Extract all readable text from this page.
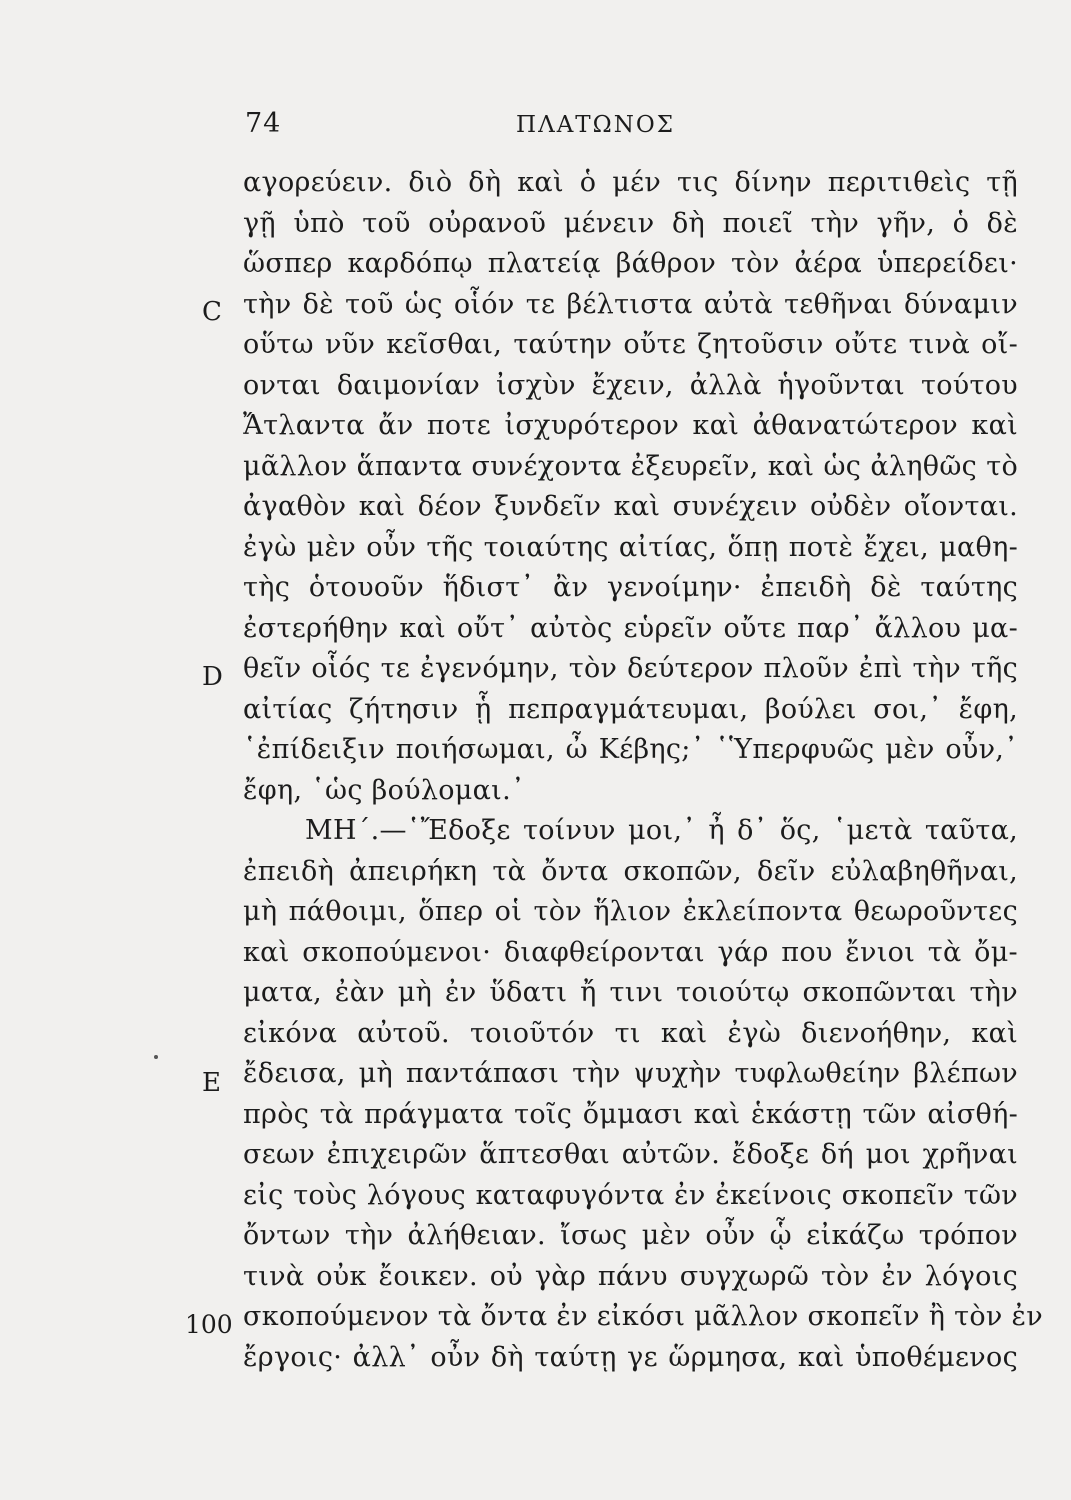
74	ΠΛΑΤΩΝΟΣ
C
D
E
100
αγορεύειν. διὸ δὴ καὶ ὁ μέν τις δίνην περιτιθεὶς τῇ
γῇ ὑπὸ τοῦ οὐρανοῦ μένειν δὴ ποιεῖ τὴν γῆν, ὁ δὲ
ὥσπερ καρδόπῳ πλατείᾳ βάθρον τὸν ἀέρα ὑπερείδει·
τὴν δὲ τοῦ ὡς οἷόν τε βέλτιστα αὐτὰ τεθῆναι δύναμιν
οὕτω νῦν κεῖσθαι, ταύτην οὔτε ζητοῦσιν οὔτε τινὰ οἴ-
ονται δαιμονίαν ἰσχὺν ἔχειν, ἀλλὰ ἡγοῦνται τούτου
Ἄτλαντα ἄν ποτε ἰσχυρότερον καὶ ἀθανατώτερον καὶ
μᾶλλον ἅπαντα συνέχοντα ἐξευρεῖν, καὶ ὡς ἀληθῶς τὸ
ἀγαθὸν καὶ δέον ξυνδεῖν καὶ συνέχειν οὐδὲν οἴονται.
ἐγὼ μὲν οὖν τῆς τοιαύτης αἰτίας, ὅπῃ ποτὲ ἔχει, μαθη-
τὴς ὁτουοῦν ἥδιστ᾽ ἂν γενοίμην· ἐπειδὴ δὲ ταύτης
ἐστερήθην καὶ οὔτ᾽ αὐτὸς εὑρεῖν οὔτε παρ᾽ ἄλλου μα-
θεῖν οἷός τε ἐγενόμην, τὸν δεύτερον πλοῦν ἐπὶ τὴν τῆς
αἰτίας ζήτησιν ᾗ πεπραγμάτευμαι, βούλει σοι,᾽ ἔφη,
῾ἐπίδειξιν ποιήσωμαι, ὦ Κέβης;᾽ ῾Ὑπερφυῶς μὲν οὖν,᾽
ἔφη, ῾ὡς βούλομαι.᾽
ΜΗ΄.—῾Ἔδοξε τοίνυν μοι,᾽ ἦ δ᾽ ὅς, ῾μετὰ ταῦτα,
ἐπειδὴ ἀπειρήκη τὰ ὄντα σκοπῶν, δεῖν εὐλαβηθῆναι,
μὴ πάθοιμι, ὅπερ οἱ τὸν ἥλιον ἐκλείποντα θεωροῦντες
καὶ σκοπούμενοι· διαφθείρονται γάρ που ἔνιοι τὰ ὄμ-
ματα, ἐὰν μὴ ἐν ὕδατι ἤ τινι τοιούτῳ σκοπῶνται τὴν
εἰκόνα αὐτοῦ. τοιοῦτόν τι καὶ ἐγὼ διενοήθην, καὶ
ἔδεισα, μὴ παντάπασι τὴν ψυχὴν τυφλωθείην βλέπων
πρὸς τὰ πράγματα τοῖς ὄμμασι καὶ ἑκάστῃ τῶν αἰσθή-
σεων ἐπιχειρῶν ἅπτεσθαι αὐτῶν. ἔδοξε δή μοι χρῆναι
εἰς τοὺς λόγους καταφυγόντα ἐν ἐκείνοις σκοπεῖν τῶν
ὄντων τὴν ἀλήθειαν. ἴσως μὲν οὖν ᾧ εἰκάζω τρόπον
τινὰ οὐκ ἔοικεν. οὐ γὰρ πάνυ συγχωρῶ τὸν ἐν λόγοις
σκοπούμενον τὰ ὄντα ἐν εἰκόσι μᾶλλον σκοπεῖν ἢ τὸν ἐν
ἔργοις· ἀλλ᾽ οὖν δὴ ταύτῃ γε ὥρμησα, καὶ ὑποθέμενος
